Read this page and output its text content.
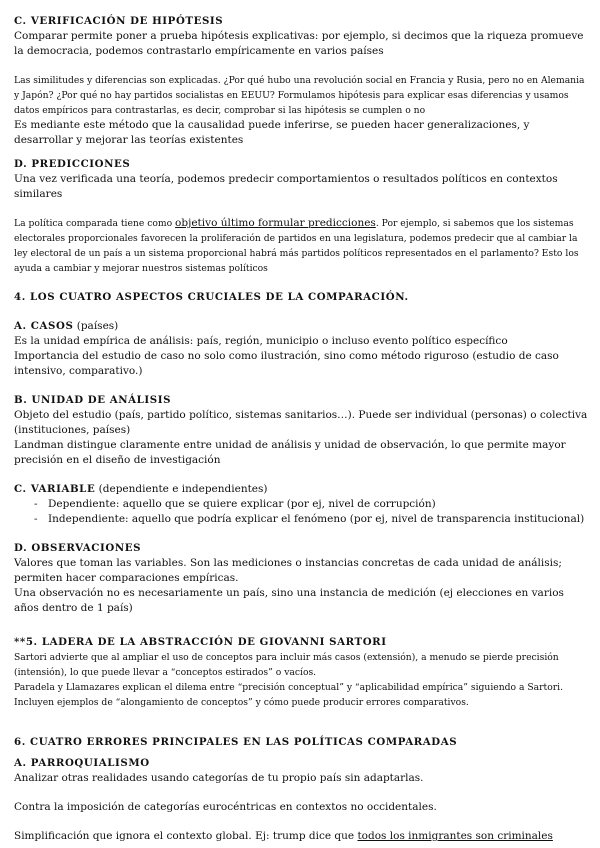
C. VERIFICACIÓN DE HIPÓTESIS
Comparar permite poner a prueba hipótesis explicativas: por ejemplo, si decimos que la riqueza promueve la democracia, podemos contrastarlo empíricamente en varios países
Las similitudes y diferencias son explicadas. ¿Por qué hubo una revolución social en Francia y Rusia, pero no en Alemania y Japón? ¿Por qué no hay partidos socialistas en EEUU? Formulamos hipótesis para explicar esas diferencias y usamos datos empíricos para contrastarlas, es decir, comprobar si las hipótesis se cumplen o no
Es mediante este método que la causalidad puede inferirse, se pueden hacer generalizaciones, y desarrollar y mejorar las teorías existentes
D. PREDICCIONES
Una vez verificada una teoría, podemos predecir comportamientos o resultados políticos en contextos similares
La política comparada tiene como objetivo último formular predicciones. Por ejemplo, si sabemos que los sistemas electorales proporcionales favorecen la proliferación de partidos en una legislatura, podemos predecir que al cambiar la ley electoral de un país a un sistema proporcional habrá más partidos políticos representados en el parlamento? Esto los ayuda a cambiar y mejorar nuestros sistemas políticos
4. LOS CUATRO ASPECTOS CRUCIALES DE LA COMPARACIÓN.
A. CASOS (países)
Es la unidad empírica de análisis: país, región, municipio o incluso evento político específico
Importancia del estudio de caso no solo como ilustración, sino como método riguroso (estudio de caso intensivo, comparativo.)
B. UNIDAD DE ANÁLISIS
Objeto del estudio (país, partido político, sistemas sanitarios…). Puede ser individual (personas) o colectiva (instituciones, países)
Landman distingue claramente entre unidad de análisis y unidad de observación, lo que permite mayor precisión en el diseño de investigación
C. VARIABLE (dependiente e independientes)
- Dependiente: aquello que se quiere explicar (por ej, nivel de corrupción)
- Independiente: aquello que podría explicar el fenómeno (por ej, nivel de transparencia institucional)
D. OBSERVACIONES
Valores que toman las variables. Son las mediciones o instancias concretas de cada unidad de análisis; permiten hacer comparaciones empíricas.
Una observación no es necesariamente un país, sino una instancia de medición (ej elecciones en varios años dentro de 1 país)
**5. LADERA DE LA ABSTRACCIÓN DE GIOVANNI SARTORI
Sartori advierte que al ampliar el uso de conceptos para incluir más casos (extensión), a menudo se pierde precisión (intensión), lo que puede llevar a “conceptos estirados” o vacíos.
Paradela y Llamazares explican el dilema entre “precisión conceptual” y “aplicabilidad empírica” siguiendo a Sartori.
Incluyen ejemplos de “alongamiento de conceptos” y cómo puede producir errores comparativos.
6. CUATRO ERRORES PRINCIPALES EN LAS POLÍTICAS COMPARADAS
A. PARROQUIALISMO
Analizar otras realidades usando categorías de tu propio país sin adaptarlas.
Contra la imposición de categorías eurocéntricas en contextos no occidentales.
Simplificación que ignora el contexto global. Ej: trump dice que todos los inmigrantes son criminales
